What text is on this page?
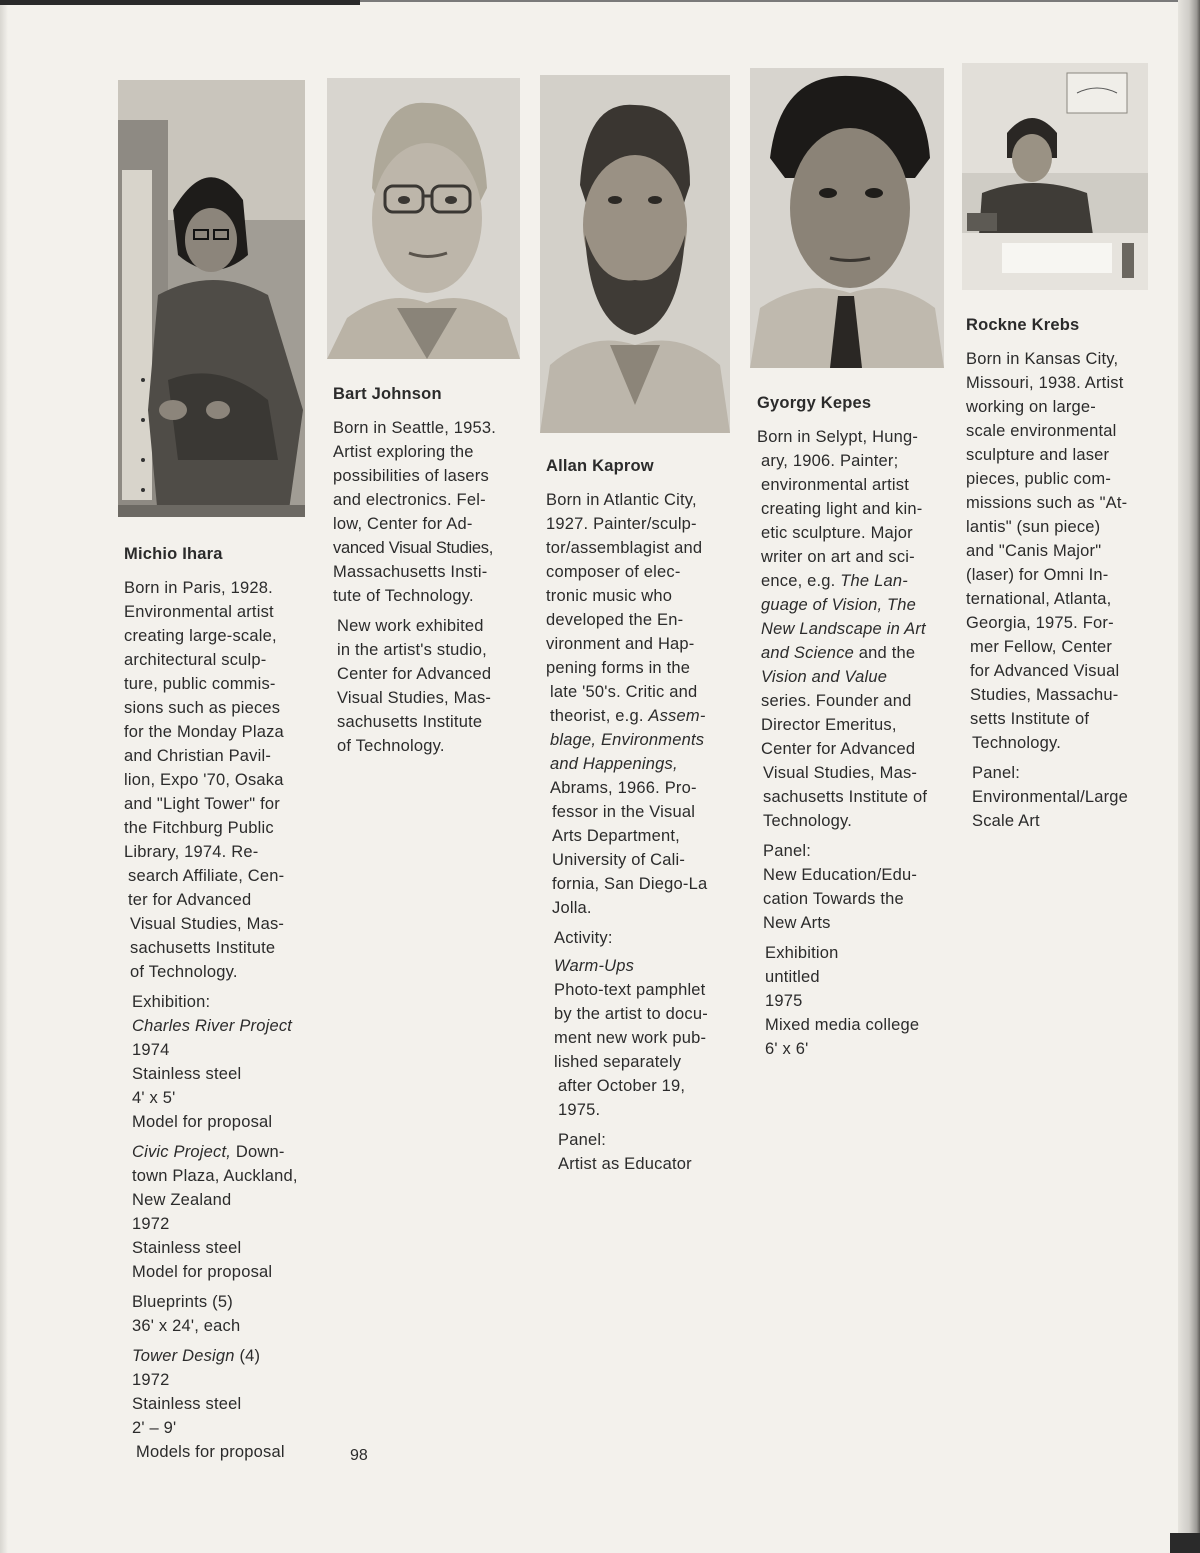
Michio Ihara

Born in Paris, 1928.
Environmental artist
creating large-scale,
architectural sculp-
ture, public commis-
sions such as pieces
for the Monday Plaza
and Christian Pavil-
lion, Expo '70, Osaka
and "Light Tower" for
the Fitchburg Public
Library, 1974. Re-
search Affiliate, Cen-
ter for Advanced
Visual Studies, Mas-
sachusetts Institute
of Technology.

Exhibition:

Charles River Project
1974
Stainless steel
4' x 5'
Model for proposal

Civic Project, Down-
town Plaza, Auckland,
New Zealand
1972
Stainless steel
Model for proposal

Blueprints (5)
36' x 24', each

Tower Design (4)
1972
Stainless steel
2' – 9'
Models for proposal

Bart Johnson

Born in Seattle, 1953.
Artist exploring the
possibilities of lasers
and electronics. Fel-
low, Center for Ad-
vanced Visual Studies,
Massachusetts Insti-
tute of Technology.

New work exhibited
in the artist's studio,
Center for Advanced
Visual Studies, Mas-
sachusetts Institute
of Technology.

Allan Kaprow

Born in Atlantic City,
1927. Painter/sculp-
tor/assemblagist and
composer of elec-
tronic music who
developed the En-
vironment and Hap-
pening forms in the
late '50's. Critic and
theorist, e.g. Assem-
blage, Environments
and Happenings,
Abrams, 1966. Pro-
fessor in the Visual
Arts Department,
University of Cali-
fornia, San Diego-La
Jolla.

Activity:

Warm-Ups
Photo-text pamphlet
by the artist to docu-
ment new work pub-
lished separately
after October 19,
1975.

Panel:

Artist as Educator

Gyorgy Kepes

Born in Selypt, Hung-
ary, 1906. Painter;
environmental artist
creating light and kin-
etic sculpture. Major
writer on art and sci-
ence, e.g. The Lan-
guage of Vision, The
New Landscape in Art
and Science and the
Vision and Value
series. Founder and
Director Emeritus,
Center for Advanced
Visual Studies, Mas-
sachusetts Institute of
Technology.

Panel:

New Education/Edu-
cation Towards the
New Arts

Exhibition
untitled
1975
Mixed media college
6' x 6'

Rockne Krebs

Born in Kansas City,
Missouri, 1938. Artist
working on large-
scale environmental
sculpture and laser
pieces, public com-
missions such as "At-
lantis" (sun piece)
and "Canis Major"
(laser) for Omni In-
ternational, Atlanta,
Georgia, 1975. For-
mer Fellow, Center
for Advanced Visual
Studies, Massachu-
setts Institute of
Technology.

Panel:

Environmental/Large
Scale Art

98
